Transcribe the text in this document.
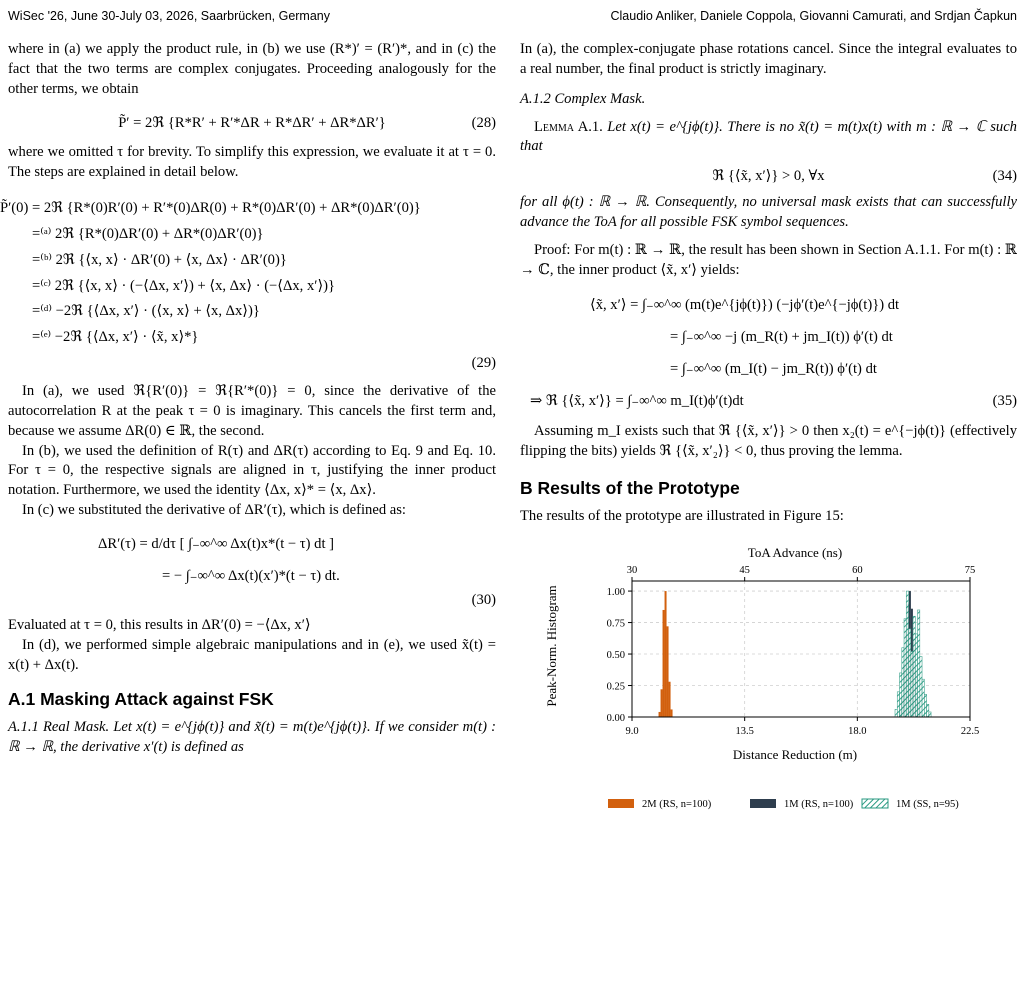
WiSec '26, June 30-July 03, 2026, Saarbrücken, Germany	Claudio Anliker, Daniele Coppola, Giovanni Camurati, and Srdjan Čapkun

where in (a) we apply the product rule, in (b) we use (R*)′ = (R′)*, and in (c) the fact that the two terms are complex conjugates. Proceeding analogously for the other terms, we obtain

P̃′ = 2ℜ {R*R′ + R′*ΔR + R*ΔR′ + ΔR*ΔR′}	(28)

where we omitted τ for brevity. To simplify this expression, we evaluate it at τ = 0. The steps are explained in detail below.

P̃′(0) = 2ℜ {R*(0)R′(0) + R′*(0)ΔR(0) + R*(0)ΔR′(0) + ΔR*(0)ΔR′(0)}
=⁽ᵃ⁾ 2ℜ {R*(0)ΔR′(0) + ΔR*(0)ΔR′(0)}
=⁽ᵇ⁾ 2ℜ {⟨x, x⟩ · ΔR′(0) + ⟨x, Δx⟩ · ΔR′(0)}
=⁽ᶜ⁾ 2ℜ {⟨x, x⟩ · (−⟨Δx, x′⟩) + ⟨x, Δx⟩ · (−⟨Δx, x′⟩)}
=⁽ᵈ⁾ −2ℜ {⟨Δx, x′⟩ · (⟨x, x⟩ + ⟨x, Δx⟩)}
=⁽ᵉ⁾ −2ℜ {⟨Δx, x′⟩ · ⟨x̃, x⟩*}
(29)

In (a), we used ℜ{R′(0)} = ℜ{R′*(0)} = 0, since the derivative of the autocorrelation R at the peak τ = 0 is imaginary. This cancels the first term and, because we assume ΔR(0) ∈ ℝ, the second.

In (b), we used the definition of R(τ) and ΔR(τ) according to Eq. 9 and Eq. 10. For τ = 0, the respective signals are aligned in τ, justifying the inner product notation. Furthermore, we used the identity ⟨Δx, x⟩* = ⟨x, Δx⟩.

In (c) we substituted the derivative of ΔR′(τ), which is defined as:

ΔR′(τ) = d/dτ [ ∫₋∞^∞ Δx(t)x*(t − τ) dt ]
= − ∫₋∞^∞ Δx(t)(x′)*(t − τ) dt.
(30)

Evaluated at τ = 0, this results in ΔR′(0) = −⟨Δx, x′⟩

In (d), we performed simple algebraic manipulations and in (e), we used x̃(t) = x(t) + Δx(t).

A.1 Masking Attack against FSK

A.1.1 Real Mask. Let x(t) = e^{jϕ(t)} and x̃(t) = m(t)e^{jϕ(t)}. If we consider m(t) : ℝ → ℝ, the derivative x′(t) is defined as

In (a), the complex-conjugate phase rotations cancel. Since the integral evaluates to a real number, the final product is strictly imaginary.

A.1.2 Complex Mask.

Lemma A.1. Let x(t) = e^{jϕ(t)}. There is no x̃(t) = m(t)x(t) with m : ℝ → ℂ such that

ℜ {⟨x̃, x′⟩} > 0, ∀x	(34)

for all ϕ(t) : ℝ → ℝ. Consequently, no universal mask exists that can successfully advance the ToA for all possible FSK symbol sequences.

Proof: For m(t) : ℝ → ℝ, the result has been shown in Section A.1.1. For m(t) : ℝ → ℂ, the inner product ⟨x̃, x′⟩ yields:

⟨x̃, x′⟩ = ∫₋∞^∞ (m(t)e^{jϕ(t)}) (−jϕ′(t)e^{−jϕ(t)}) dt
= ∫₋∞^∞ −j (m_R(t) + jm_I(t)) ϕ′(t) dt
= ∫₋∞^∞ (m_I(t) − jm_R(t)) ϕ′(t) dt
⇒ ℜ {⟨x̃, x′⟩} = ∫₋∞^∞ m_I(t)ϕ′(t)dt	(35)

Assuming m_I exists such that ℜ {⟨x̃, x′⟩} > 0 then x₂(t) = e^{−jϕ(t)} (effectively flipping the bits) yields ℜ {⟨x̃, x′₂⟩} < 0, thus proving the lemma.

B Results of the Prototype

The results of the prototype are illustrated in Figure 15:

0.00
0.25
0.50
0.75
1.00
9.0	13.5	18.0	22.5
30	45	60	75
ToA Advance (ns)
Distance Reduction (m)
Peak-Norm. Histogram
2M (RS, n=100)	1M (RS, n=100)	1M (SS, n=95)
